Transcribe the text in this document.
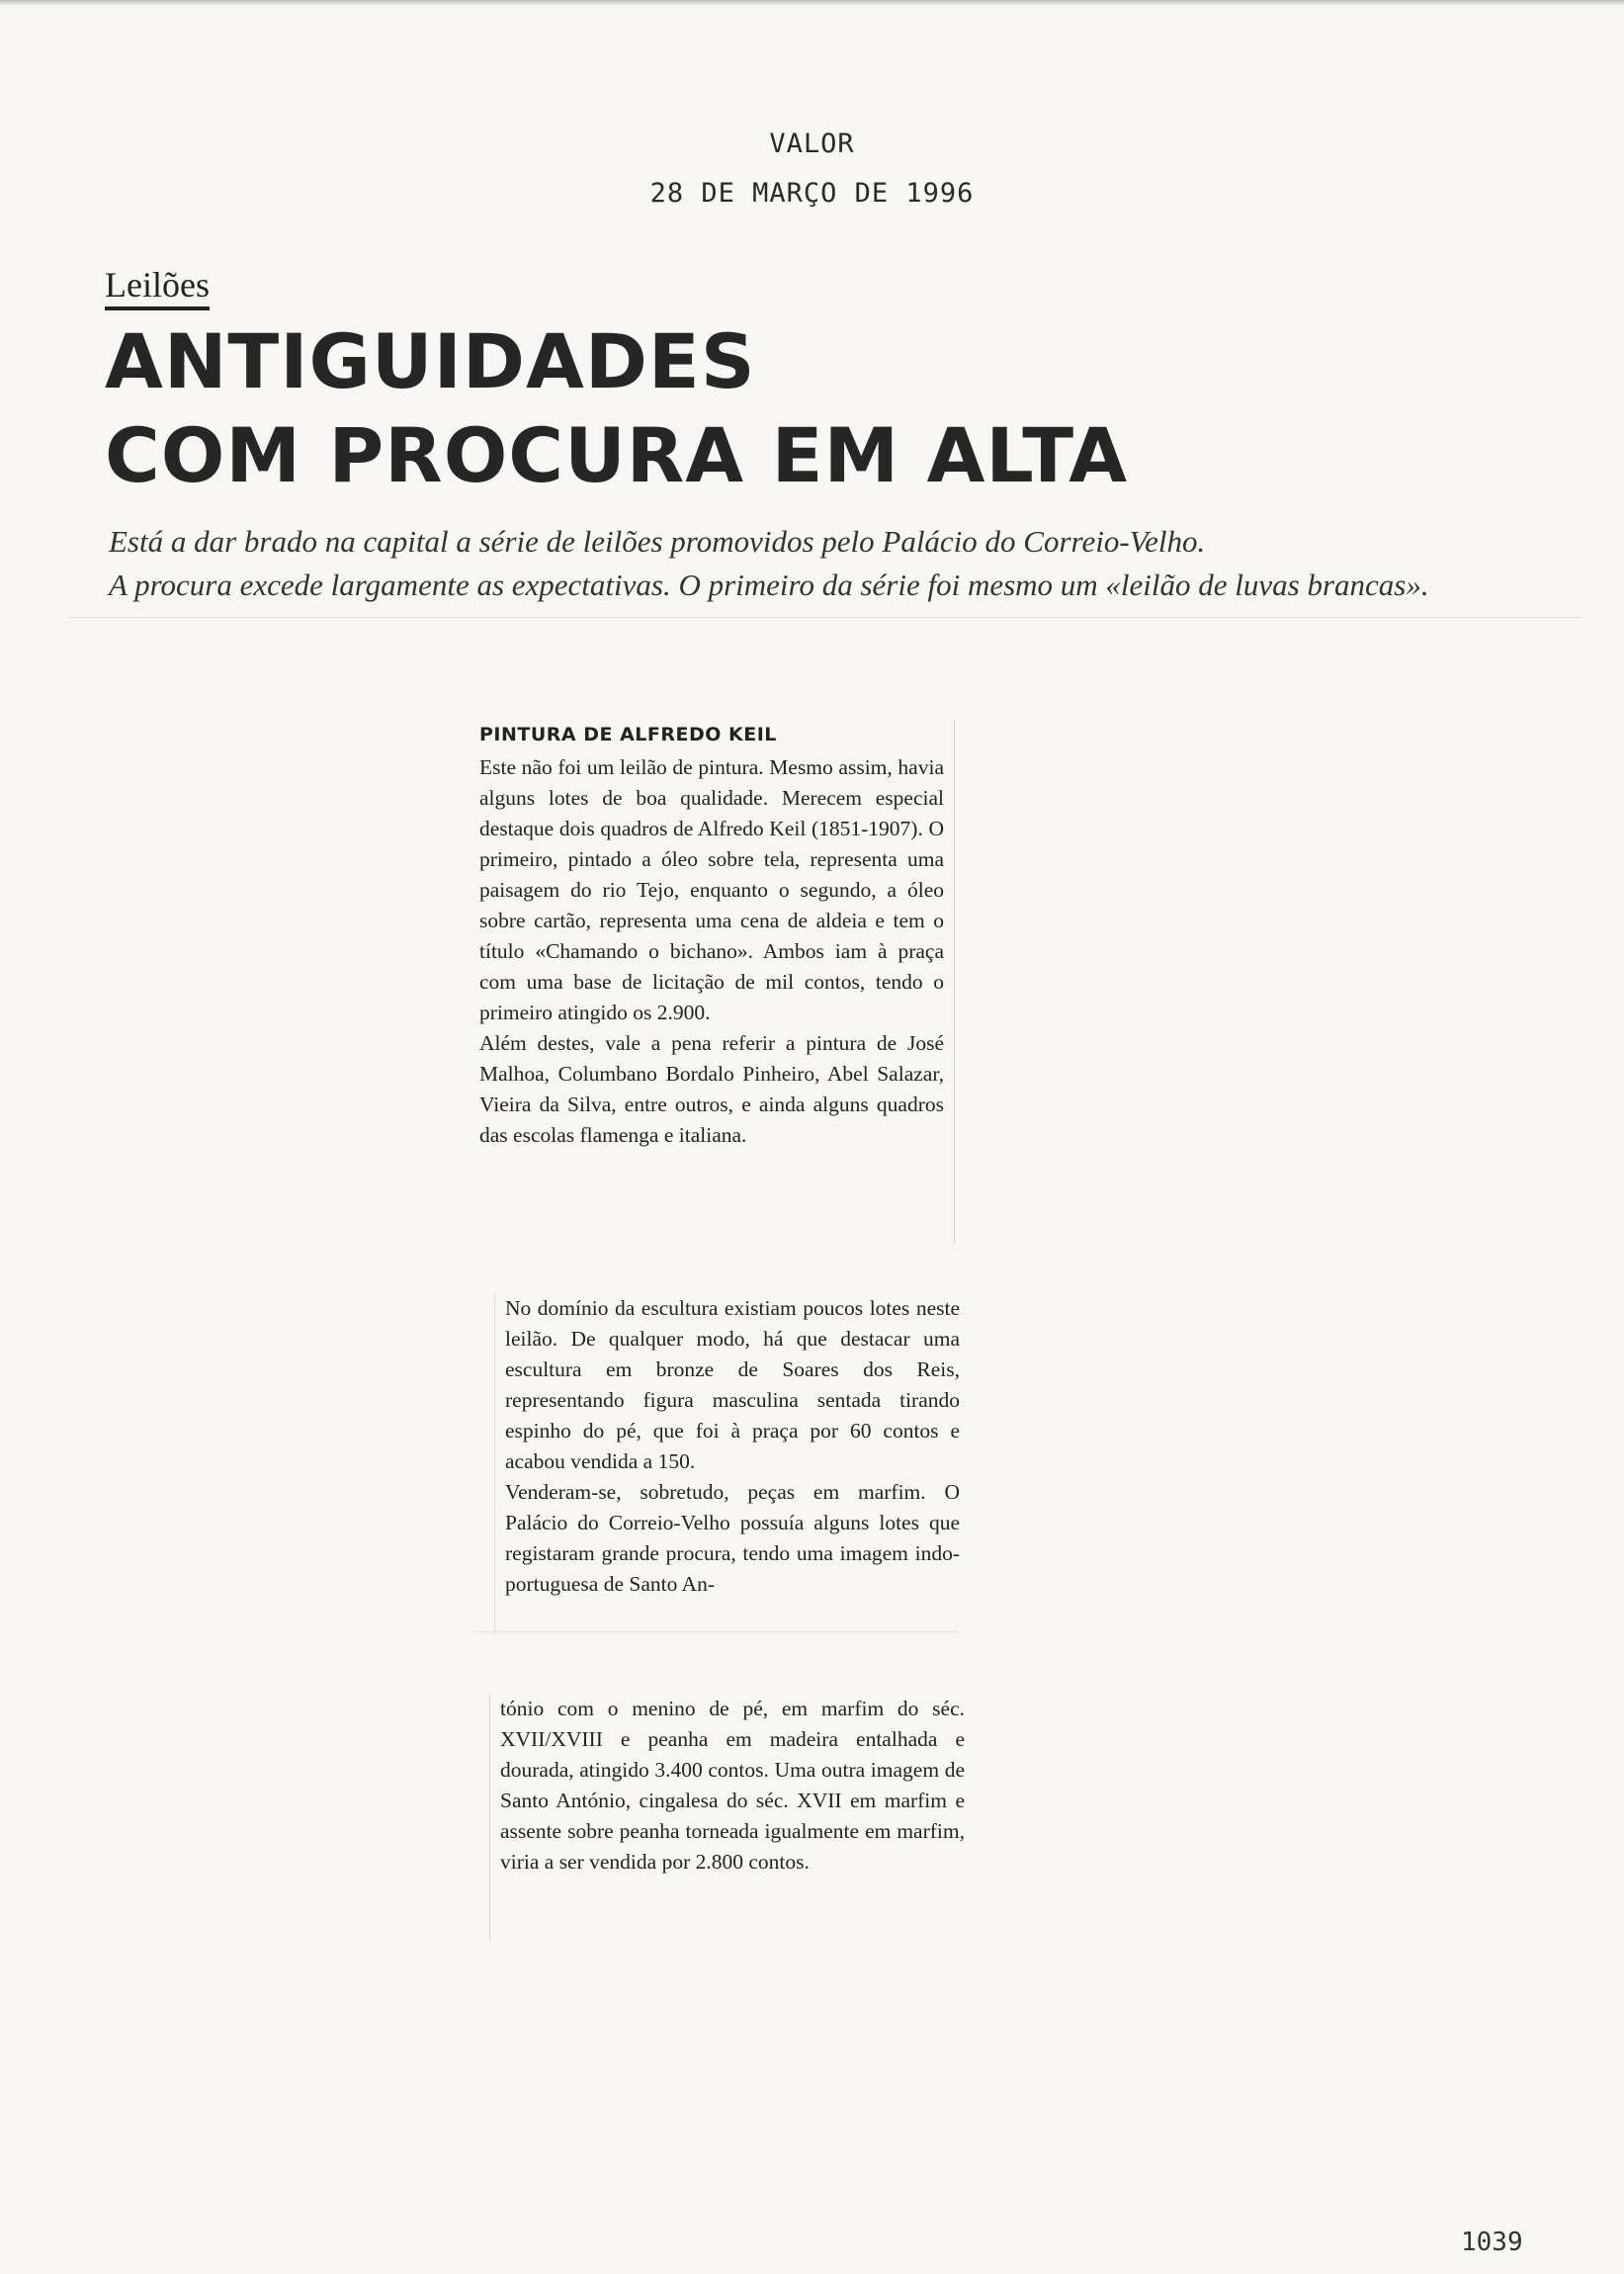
VALOR
28 DE MARÇO DE 1996
Leilões
ANTIGUIDADES
COM PROCURA EM ALTA
Está a dar brado na capital a série de leilões promovidos pelo Palácio do Correio-Velho.
A procura excede largamente as expectativas. O primeiro da série foi mesmo um «leilão de luvas brancas».
PINTURA DE ALFREDO KEIL

Este não foi um leilão de pintura. Mesmo assim, havia alguns lotes de boa qualidade. Merecem especial destaque dois quadros de Alfredo Keil (1851-1907). O primeiro, pintado a óleo sobre tela, representa uma paisagem do rio Tejo, enquanto o segundo, a óleo sobre cartão, representa uma cena de aldeia e tem o título «Chamando o bichano». Ambos iam à praça com uma base de licitação de mil contos, tendo o primeiro atingido os 2.900.

Além destes, vale a pena referir a pintura de José Malhoa, Columbano Bordalo Pinheiro, Abel Salazar, Vieira da Silva, entre outros, e ainda alguns quadros das escolas flamenga e italiana.

No domínio da escultura existiam poucos lotes neste leilão. De qualquer modo, há que destacar uma escultura em bronze de Soares dos Reis, representando figura masculina sentada tirando espinho do pé, que foi à praça por 60 contos e acabou vendida a 150.

Venderam-se, sobretudo, peças em marfim. O Palácio do Correio-Velho possuía alguns lotes que registaram grande procura, tendo uma imagem indo-portuguesa de Santo An-

tónio com o menino de pé, em marfim do séc. XVII/XVIII e peanha em madeira entalhada e dourada, atingido 3.400 contos. Uma outra imagem de Santo António, cingalesa do séc. XVII em marfim e assente sobre peanha torneada igualmente em marfim, viria a ser vendida por 2.800 contos.

1039
